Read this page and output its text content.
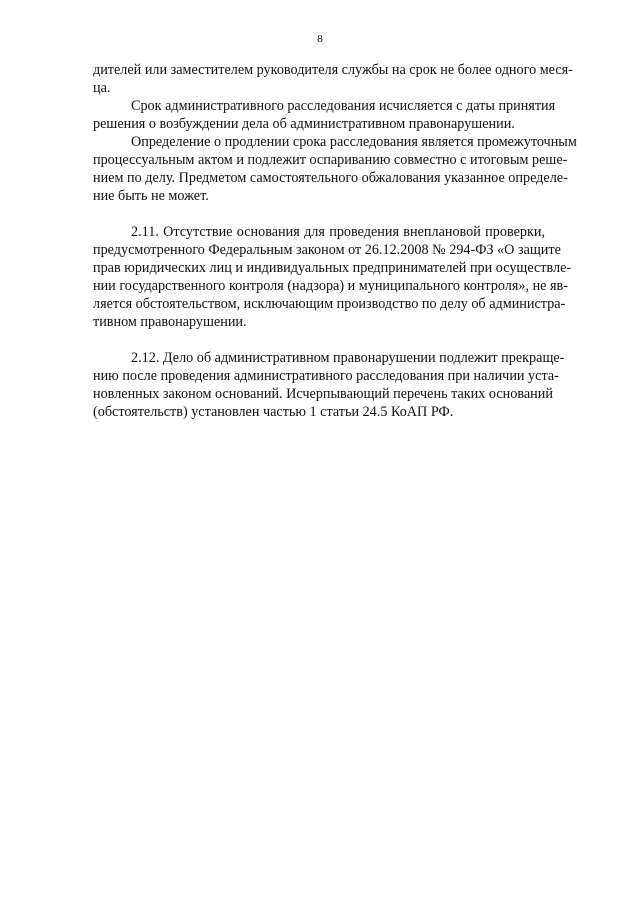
8
дителей или заместителем руководителя службы на срок не более одного меся-
ца.
Срок административного расследования исчисляется с даты принятия
решения о возбуждении дела об административном правонарушении.
Определение о продлении срока расследования является промежуточным
процессуальным актом и подлежит оспариванию совместно с итоговым реше-
нием по делу. Предметом самостоятельного обжалования указанное определе-
ние быть не может.
2.11. Отсутствие основания для проведения внеплановой проверки,
предусмотренного Федеральным законом от 26.12.2008 № 294-ФЗ «О защите
прав юридических лиц и индивидуальных предпринимателей при осуществле-
нии государственного контроля (надзора) и муниципального контроля», не яв-
ляется обстоятельством, исключающим производство по делу об администра-
тивном правонарушении.
2.12. Дело об административном правонарушении подлежит прекраще-
нию после проведения административного расследования при наличии уста-
новленных законом оснований. Исчерпывающий перечень таких оснований
(обстоятельств) установлен частью 1 статьи 24.5 КоАП РФ.
